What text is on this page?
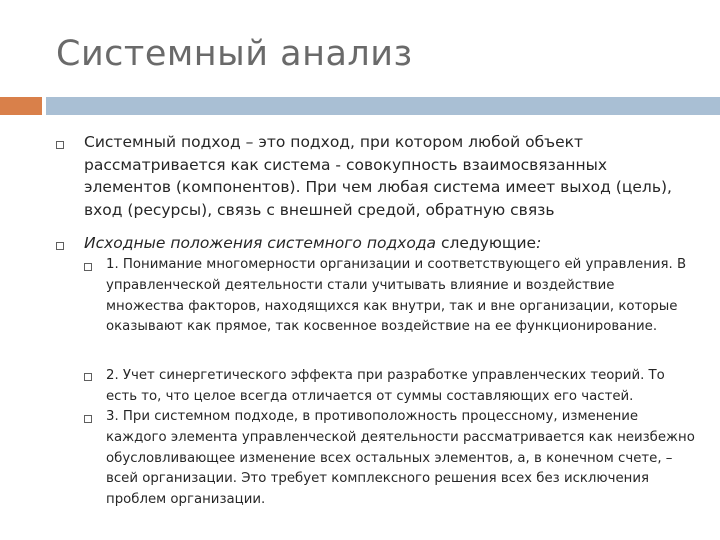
Системный анализ
Системный подход – это подход, при котором любой объект рассматривается как система - совокупность взаимосвязанных элементов (компонентов). При чем любая система имеет выход (цель), вход (ресурсы), связь с внешней средой, обратную связь
Исходные положения системного подхода следующие:
1. Понимание многомерности организации и соответствующего ей управления. В управленческой деятельности стали учитывать влияние и воздействие множества факторов, находящихся как внутри, так и вне организации, которые оказывают как прямое, так косвенное воздействие на ее функционирование.
2. Учет синергетического эффекта при разработке управленческих теорий. То есть то, что целое всегда отличается от суммы составляющих его частей.
3. При системном подходе, в противоположность процессному, изменение каждого элемента управленческой деятельности рассматривается как неизбежно обусловливающее изменение всех остальных элементов, а, в конечном счете, – всей организации. Это требует комплексного решения всех без исключения проблем организации.
